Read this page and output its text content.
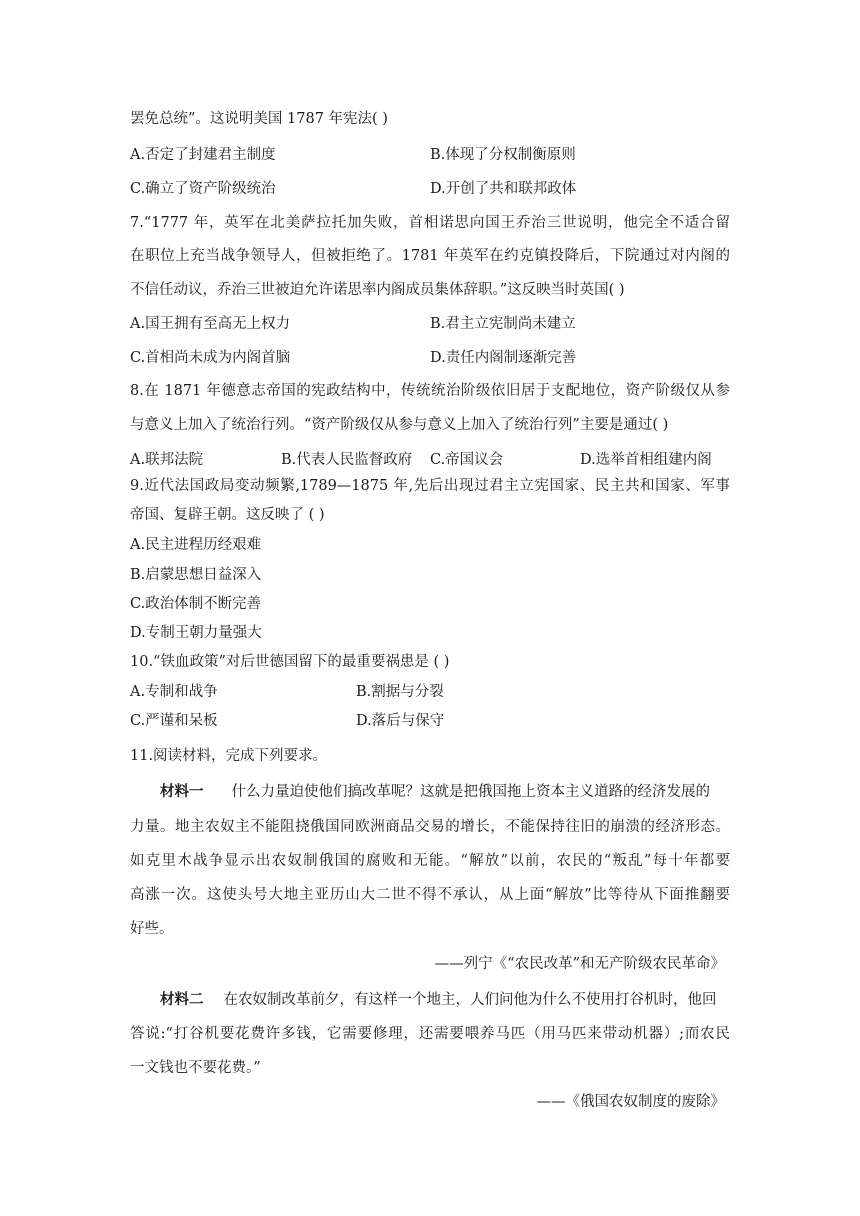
罢免总统”。这说明美国 1787 年宪法( )
A.否定了封建君主制度	B.体现了分权制衡原则
C.确立了资产阶级统治	D.开创了共和联邦政体
7.“1777 年，英军在北美萨拉托加失败，首相诺思向国王乔治三世说明，他完全不适合留
在职位上充当战争领导人，但被拒绝了。1781 年英军在约克镇投降后，下院通过对内阁的
不信任动议，乔治三世被迫允许诺思率内阁成员集体辞职。”这反映当时英国( )
A.国王拥有至高无上权力	B.君主立宪制尚未建立
C.首相尚未成为内阁首脑	D.责任内阁制逐渐完善
8.在 1871 年德意志帝国的宪政结构中，传统统治阶级依旧居于支配地位，资产阶级仅从参
与意义上加入了统治行列。“资产阶级仅从参与意义上加入了统治行列”主要是通过( )
A.联邦法院	B.代表人民监督政府 C.帝国议会	D.选举首相组建内阁
9.近代法国政局变动频繁,1789—1875 年,先后出现过君主立宪国家、民主共和国家、军事
帝国、复辟王朝。这反映了 ( )
A.民主进程历经艰难
B.启蒙思想日益深入
C.政治体制不断完善
D.专制王朝力量强大
10.“铁血政策”对后世德国留下的最重要祸患是 ( )
A.专制和战争	B.割据与分裂
C.严谨和呆板	D.落后与保守
11.阅读材料，完成下列要求。
材料一 什么力量迫使他们搞改革呢？这就是把俄国拖上资本主义道路的经济发展的
力量。地主农奴主不能阻挠俄国同欧洲商品交易的增长，不能保持往旧的崩溃的经济形态。
如克里木战争显示出农奴制俄国的腐败和无能。“解放”以前，农民的“叛乱”每十年都要
高涨一次。这使头号大地主亚历山大二世不得不承认，从上面“解放”比等待从下面推翻要
好些。
——列宁《“农民改革”和无产阶级农民革命》
材料二 在农奴制改革前夕，有这样一个地主，人们问他为什么不使用打谷机时，他回
答说:“打谷机要花费许多钱，它需要修理，还需要喂养马匹（用马匹来带动机器）;而农民
一文钱也不要花费。”
——《俄国农奴制度的废除》
